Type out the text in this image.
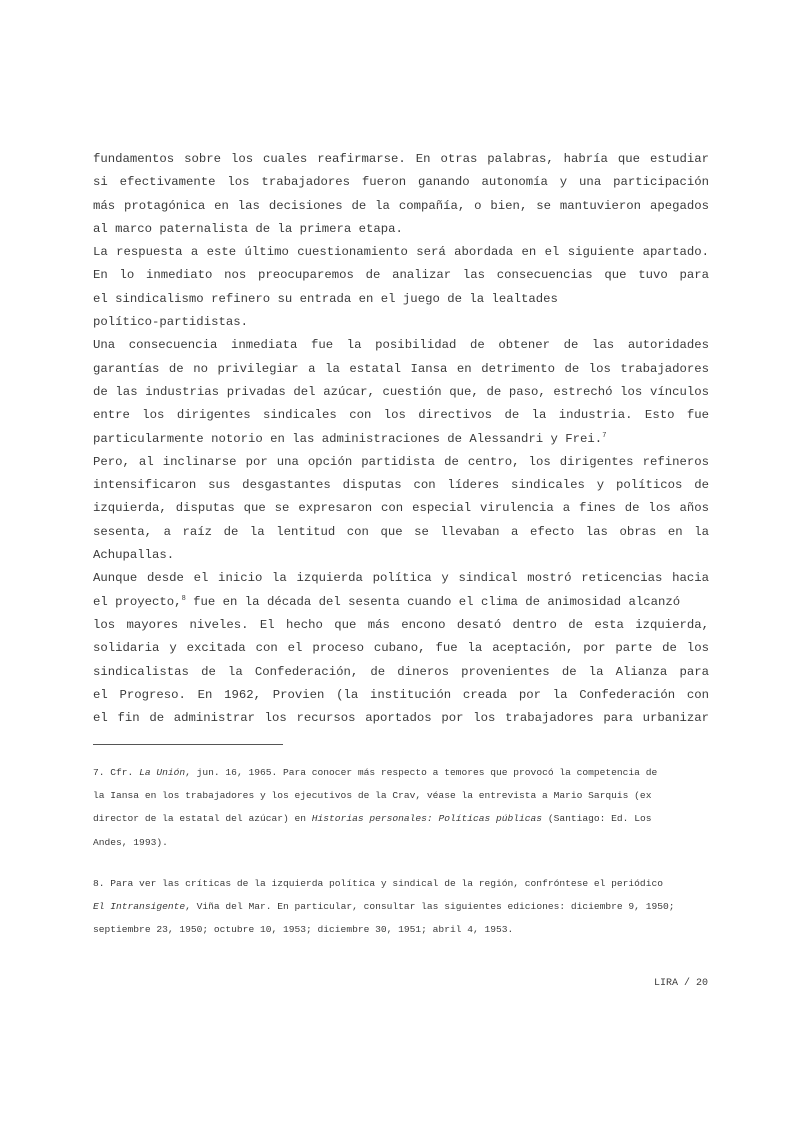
fundamentos sobre los cuales reafirmarse. En otras palabras, habría que estudiar
si efectivamente los trabajadores fueron ganando autonomía y una participación
más protagónica en las decisiones de la compañía, o bien, se mantuvieron apegados
al marco paternalista de la primera etapa.
La respuesta a este último cuestionamiento será abordada en el siguiente apartado.
En lo inmediato nos preocuparemos de analizar las consecuencias que tuvo para
el sindicalismo refinero su entrada en el juego de la lealtades
político-partidistas.
Una consecuencia inmediata fue la posibilidad de obtener de las autoridades
garantías de no privilegiar a la estatal Iansa en detrimento de los trabajadores
de las industrias privadas del azúcar, cuestión que, de paso, estrechó los vínculos
entre los dirigentes sindicales con los directivos de la industria. Esto fue
particularmente notorio en las administraciones de Alessandri y Frei.$^7$
Pero, al inclinarse por una opción partidista de centro, los dirigentes refineros
intensificaron sus desgastantes disputas con líderes sindicales y políticos de
izquierda, disputas que se expresaron con especial virulencia a fines de los años
sesenta, a raíz de la lentitud con que se llevaban a efecto las obras en la
Achupallas.
Aunque desde el inicio la izquierda política y sindical mostró reticencias hacia
el proyecto,$^8$ fue en la década del sesenta cuando el clima de animosidad alcanzó
los mayores niveles. El hecho que más encono desató dentro de esta izquierda,
solidaria y excitada con el proceso cubano, fue la aceptación, por parte de los
sindicalistas de la Confederación, de dineros provenientes de la Alianza para
el Progreso. En 1962, Provien (la institución creada por la Confederación con
el fin de administrar los recursos aportados por los trabajadores para urbanizar
7. Cfr. La Unión, jun. 16, 1965. Para conocer más respecto a temores que provocó la competencia de
la Iansa en los trabajadores y los ejecutivos de la Crav, véase la entrevista a Mario Sarquis (ex
director de la estatal del azúcar) en Historias personales: Políticas públicas (Santiago: Ed. Los
Andes, 1993).
8. Para ver las críticas de la izquierda política y sindical de la región, confróntese el periódico
El Intransigente, Viña del Mar. En particular, consultar las siguientes ediciones: diciembre 9, 1950;
septiembre 23, 1950; octubre 10, 1953; diciembre 30, 1951; abril 4, 1953.
LIRA / 20
